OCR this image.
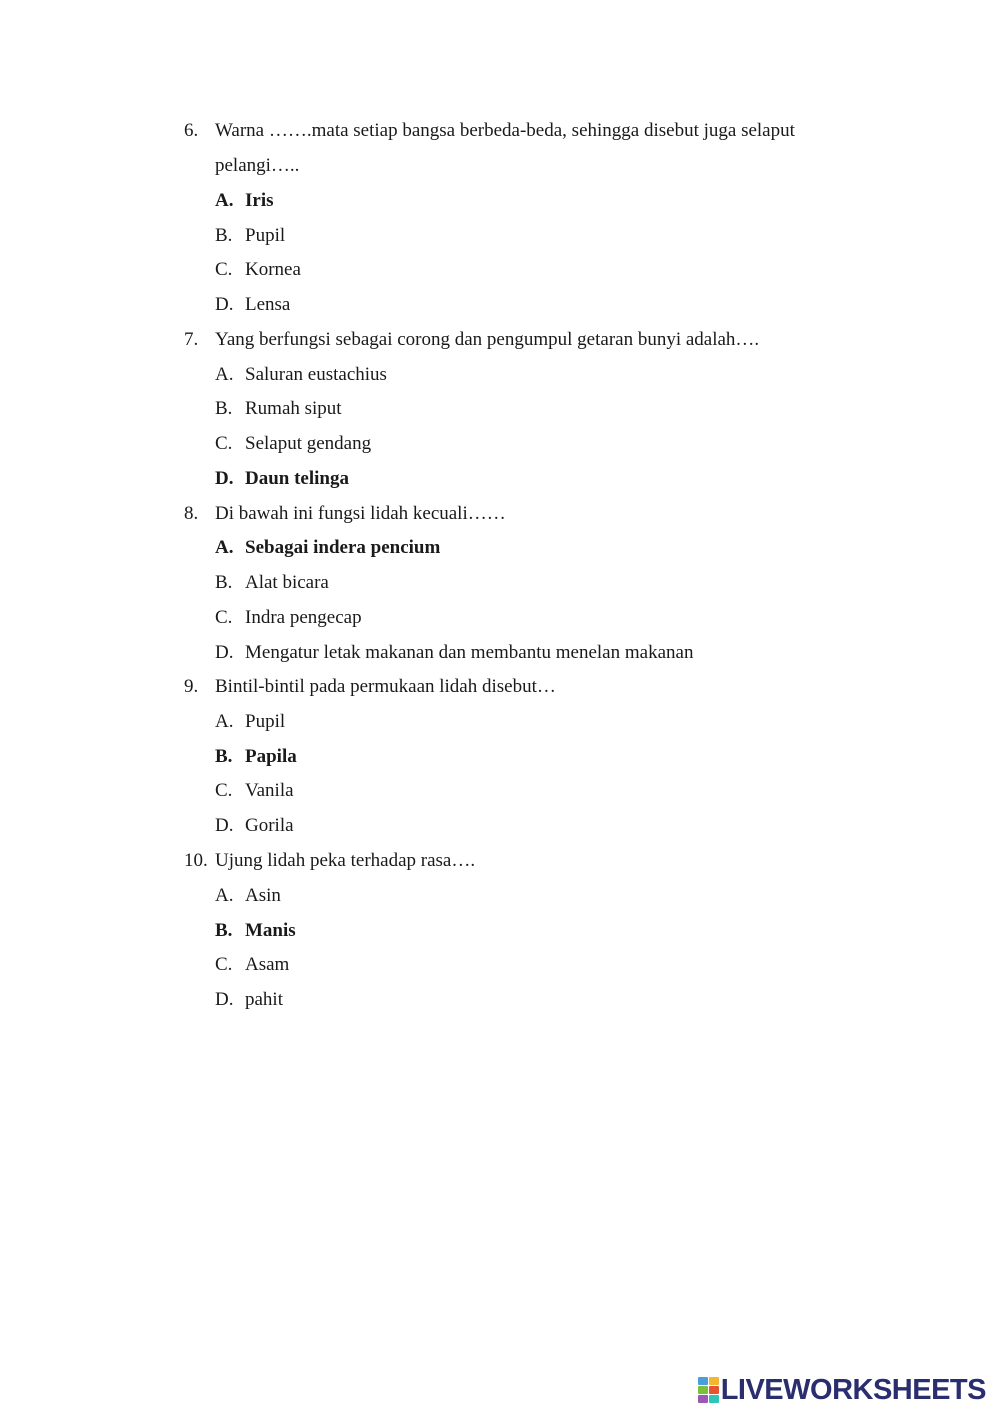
6. Warna …….mata setiap bangsa berbeda-beda, sehingga disebut juga selaput pelangi…..
A. Iris
B. Pupil
C. Kornea
D. Lensa
7. Yang berfungsi sebagai corong dan pengumpul getaran bunyi adalah….
A. Saluran eustachius
B. Rumah siput
C. Selaput gendang
D. Daun telinga
8. Di bawah ini fungsi lidah kecuali……
A. Sebagai indera pencium
B. Alat bicara
C. Indra pengecap
D. Mengatur letak makanan dan membantu menelan makanan
9. Bintil-bintil pada permukaan lidah disebut…
A. Pupil
B. Papila
C. Vanila
D. Gorila
10. Ujung lidah peka terhadap rasa….
A. Asin
B. Manis
C. Asam
D. pahit
LIVEWORKSHEETS
